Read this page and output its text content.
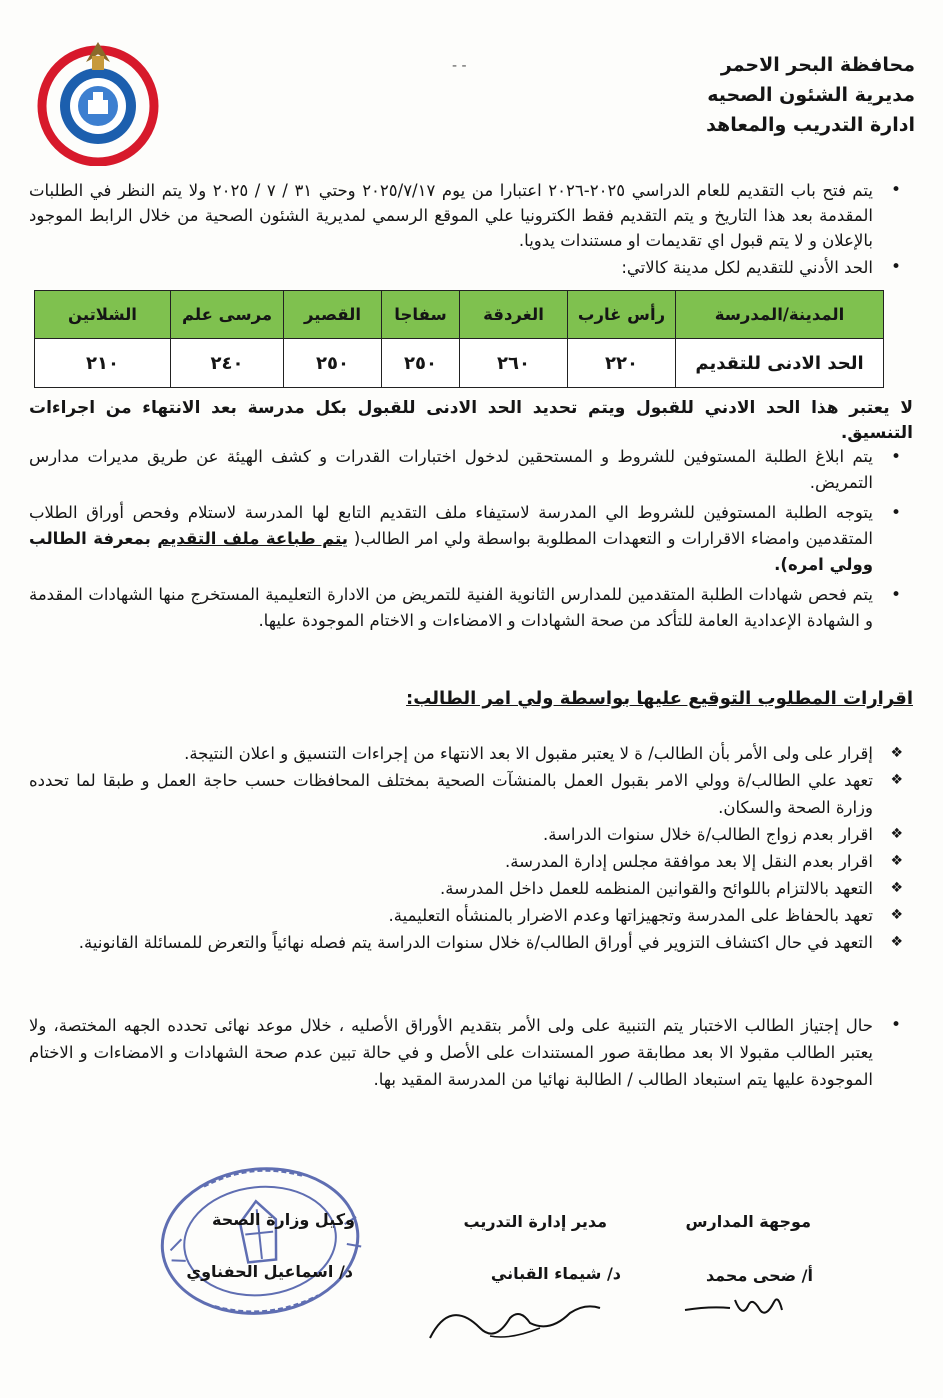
- -	محافظة البحر الاحمر
مديرية الشئون الصحيه
ادارة التدريب والمعاهد
• يتم فتح باب التقديم للعام الدراسي ٢٠٢٥-٢٠٢٦ اعتبارا من يوم ٢٠٢٥/٧/١٧ وحتي ٣١ / ٧ / ٢٠٢٥ ولا يتم النظر في الطلبات المقدمة بعد هذا التاريخ و يتم التقديم فقط الكترونيا علي الموقع الرسمي لمديرية الشئون الصحية من خلال الرابط الموجود بالإعلان و لا يتم قبول اي تقديمات او مستندات يدويا.
• الحد الأدني للتقديم لكل مدينة كالاتي:
المدينة/المدرسة	رأس غارب	الغردقة	سفاجا	القصير	مرسى علم	الشلاتين
الحد الادنى للتقديم	٢٢٠	٢٦٠	٢٥٠	٢٥٠	٢٤٠	٢١٠
لا يعتبر هذا الحد الادني للقبول ويتم تحديد الحد الادنى للقبول بكل مدرسة بعد الانتهاء من اجراءات التنسيق.
• يتم ابلاغ الطلبة المستوفين للشروط و المستحقين لدخول اختبارات القدرات و كشف الهيئة عن طريق مديرات مدارس التمريض.
• يتوجه الطلبة المستوفين للشروط الي المدرسة لاستيفاء ملف التقديم التابع لها المدرسة لاستلام وفحص أوراق الطلاب المتقدمين وامضاء الاقرارات و التعهدات المطلوبة بواسطة ولي امر الطالب( يتم طباعة ملف التقديم بمعرفة الطالب وولي امره).
• يتم فحص شهادات الطلبة المتقدمين للمدارس الثانوية الفنية للتمريض من الادارة التعليمية المستخرج منها الشهادات المقدمة و الشهادة الإعدادية العامة للتأكد من صحة الشهادات و الامضاءات و الاختام الموجودة عليها.
اقرارات المطلوب التوقيع عليها بواسطة ولي امر الطالب:
❖ إقرار على ولى الأمر بأن الطالب/ ة لا يعتبر مقبول الا بعد الانتهاء من إجراءات التنسيق و اعلان النتيجة.
❖ تعهد علي الطالب/ة وولي الامر بقبول العمل بالمنشآت الصحية بمختلف المحافظات حسب حاجة العمل و طبقا لما تحدده وزارة الصحة والسكان.
❖ اقرار بعدم زواج الطالب/ة خلال سنوات الدراسة.
❖ اقرار بعدم النقل إلا بعد موافقة مجلس إدارة المدرسة.
❖ التعهد بالالتزام باللوائح والقوانين المنظمه للعمل داخل المدرسة.
❖ تعهد بالحفاظ على المدرسة وتجهيزاتها وعدم الاضرار بالمنشأه التعليمية.
❖ التعهد في حال اكتشاف التزوير في أوراق الطالب/ة خلال سنوات الدراسة يتم فصله نهائياً والتعرض للمسائلة القانونية.
• حال إجتياز الطالب الاختبار يتم التنبية على ولى الأمر بتقديم الأوراق الأصليه ، خلال موعد نهائى تحدده الجهه المختصة، ولا يعتبر الطالب مقبولا الا بعد مطابقة صور المستندات على الأصل و في حالة تبين عدم صحة الشهادات و الامضاءات و الاختام الموجودة عليها يتم استبعاد الطالب / الطالبة نهائيا من المدرسة المقيد بها.
موجهة المدارس
أ/ ضحى محمد
مدير إدارة التدريب
د/ شيماء القباني
وكيل وزارة الصحة
د/ اسماعيل الحفناوي
